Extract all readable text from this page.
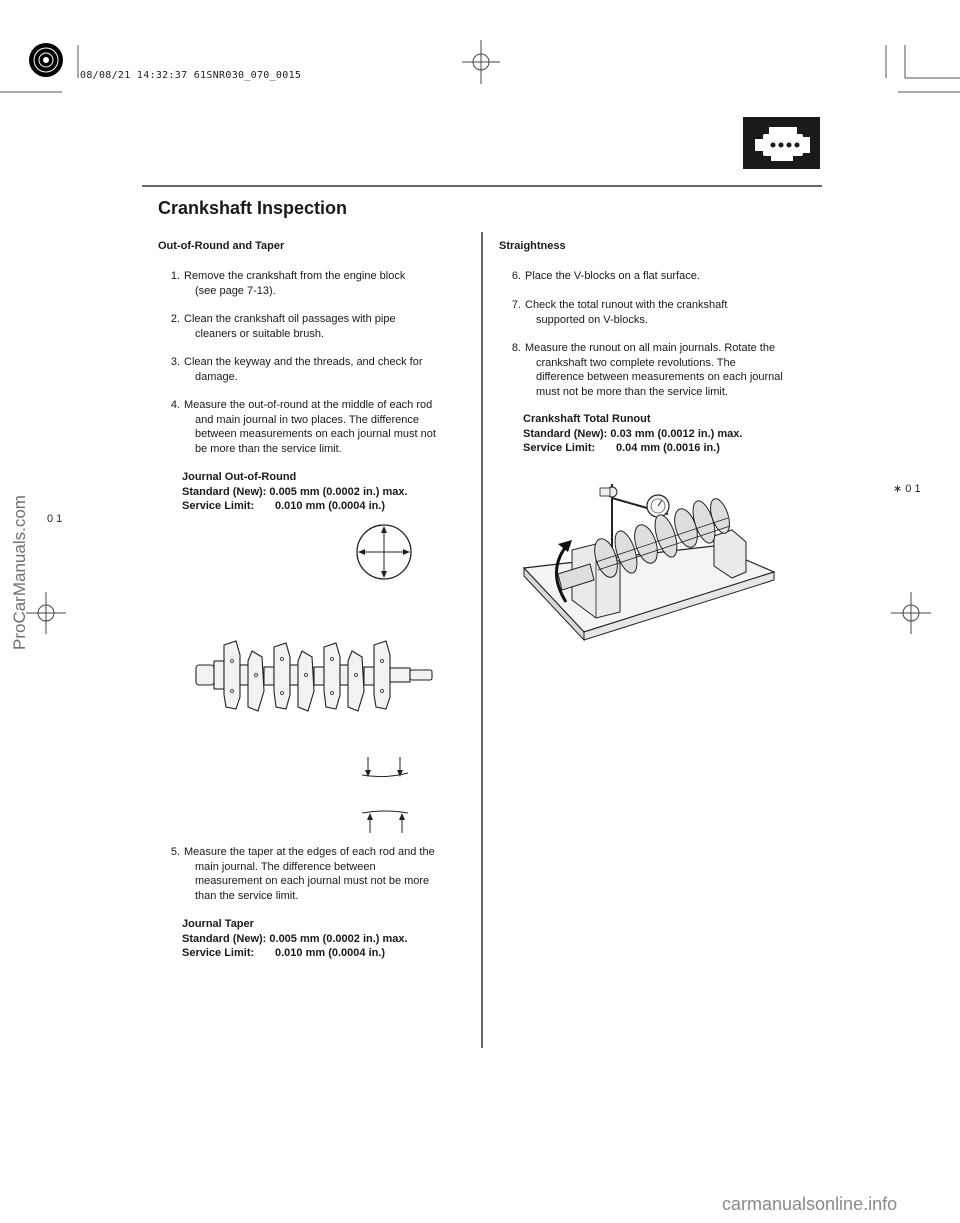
08/08/21 14:32:37 61SNR030_070_0015
Crankshaft Inspection
Out-of-Round and Taper
1. Remove the crankshaft from the engine block
(see page 7-13).
2. Clean the crankshaft oil passages with pipe
cleaners or suitable brush.
3. Clean the keyway and the threads, and check for
damage.
4. Measure the out-of-round at the middle of each rod
and main journal in two places. The difference
between measurements on each journal must not
be more than the service limit.
Journal Out-of-Round
Standard (New): 0.005 mm (0.0002 in.) max.
Service Limit: 0.010 mm (0.0004 in.)
5. Measure the taper at the edges of each rod and the
main journal. The difference between
measurement on each journal must not be more
than the service limit.
Journal Taper
Standard (New): 0.005 mm (0.0002 in.) max.
Service Limit: 0.010 mm (0.0004 in.)
Straightness
6. Place the V-blocks on a flat surface.
7. Check the total runout with the crankshaft
supported on V-blocks.
8. Measure the runout on all main journals. Rotate the
crankshaft two complete revolutions. The
difference between measurements on each journal
must not be more than the service limit.
Crankshaft Total Runout
Standard (New): 0.03 mm (0.0012 in.) max.
Service Limit: 0.04 mm (0.0016 in.)
∗ 0 1
0 1
ProCarManuals.com
carmanualsonline.info
